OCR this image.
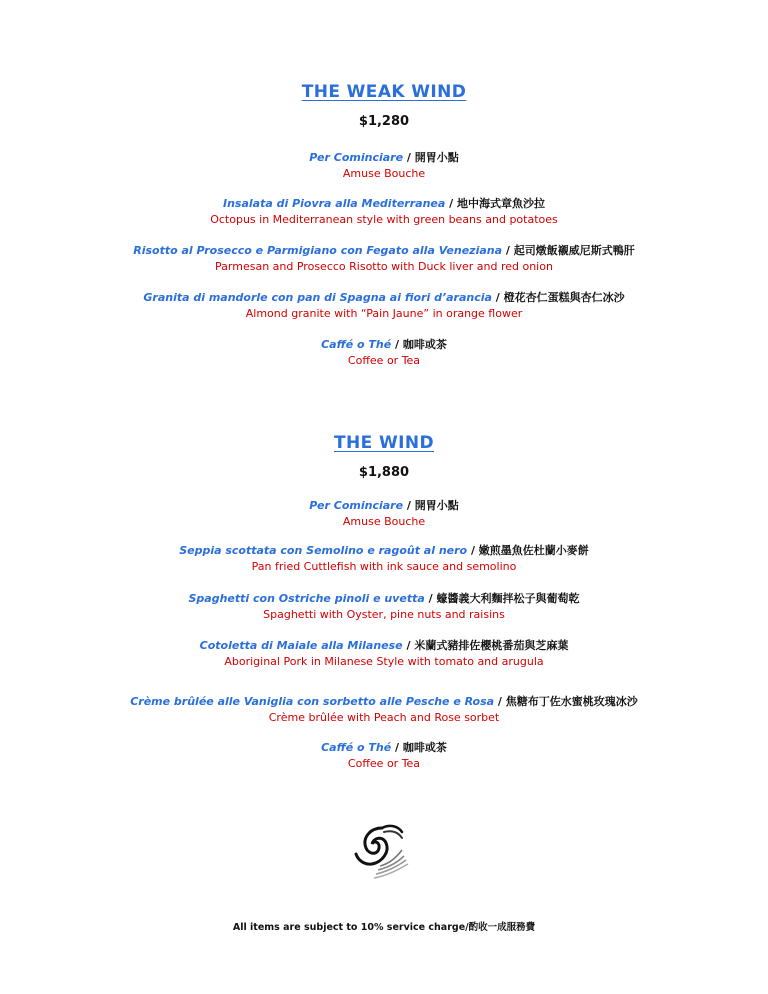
THE WEAK WIND
$1,280
Per Cominciare / 開胃小點
Amuse Bouche
Insalata di Piovra alla Mediterranea / 地中海式章魚沙拉
Octopus in Mediterranean style with green beans and potatoes
Risotto al Prosecco e Parmigiano con Fegato alla Veneziana / 起司燉飯襯威尼斯式鴨肝
Parmesan and Prosecco Risotto with Duck liver and red onion
Granita di mandorle con pan di Spagna ai fiori d’arancia / 橙花杏仁蛋糕與杏仁冰沙
Almond granite with “Pain Jaune” in orange flower
Caffé o Thé / 咖啡或茶
Coffee or Tea
THE WIND
$1,880
Per Cominciare / 開胃小點
Amuse Bouche
Seppia scottata con Semolino e ragoût al nero / 嫩煎墨魚佐杜蘭小麥餅
Pan fried Cuttlefish with ink sauce and semolino
Spaghetti con Ostriche pinoli e uvetta / 蠔醬義大利麵拌松子與葡萄乾
Spaghetti with Oyster, pine nuts and raisins
Cotoletta di Maiale alla Milanese / 米蘭式豬排佐櫻桃番茄與芝麻葉
Aboriginal Pork in Milanese Style with tomato and arugula
Crème brûlée alle Vaniglia con sorbetto alle Pesche e Rosa / 焦糖布丁佐水蜜桃玫瑰冰沙
Crème brûlée with Peach and Rose sorbet
Caffé o Thé / 咖啡或茶
Coffee or Tea
All items are subject to 10% service charge/酌收一成服務費
